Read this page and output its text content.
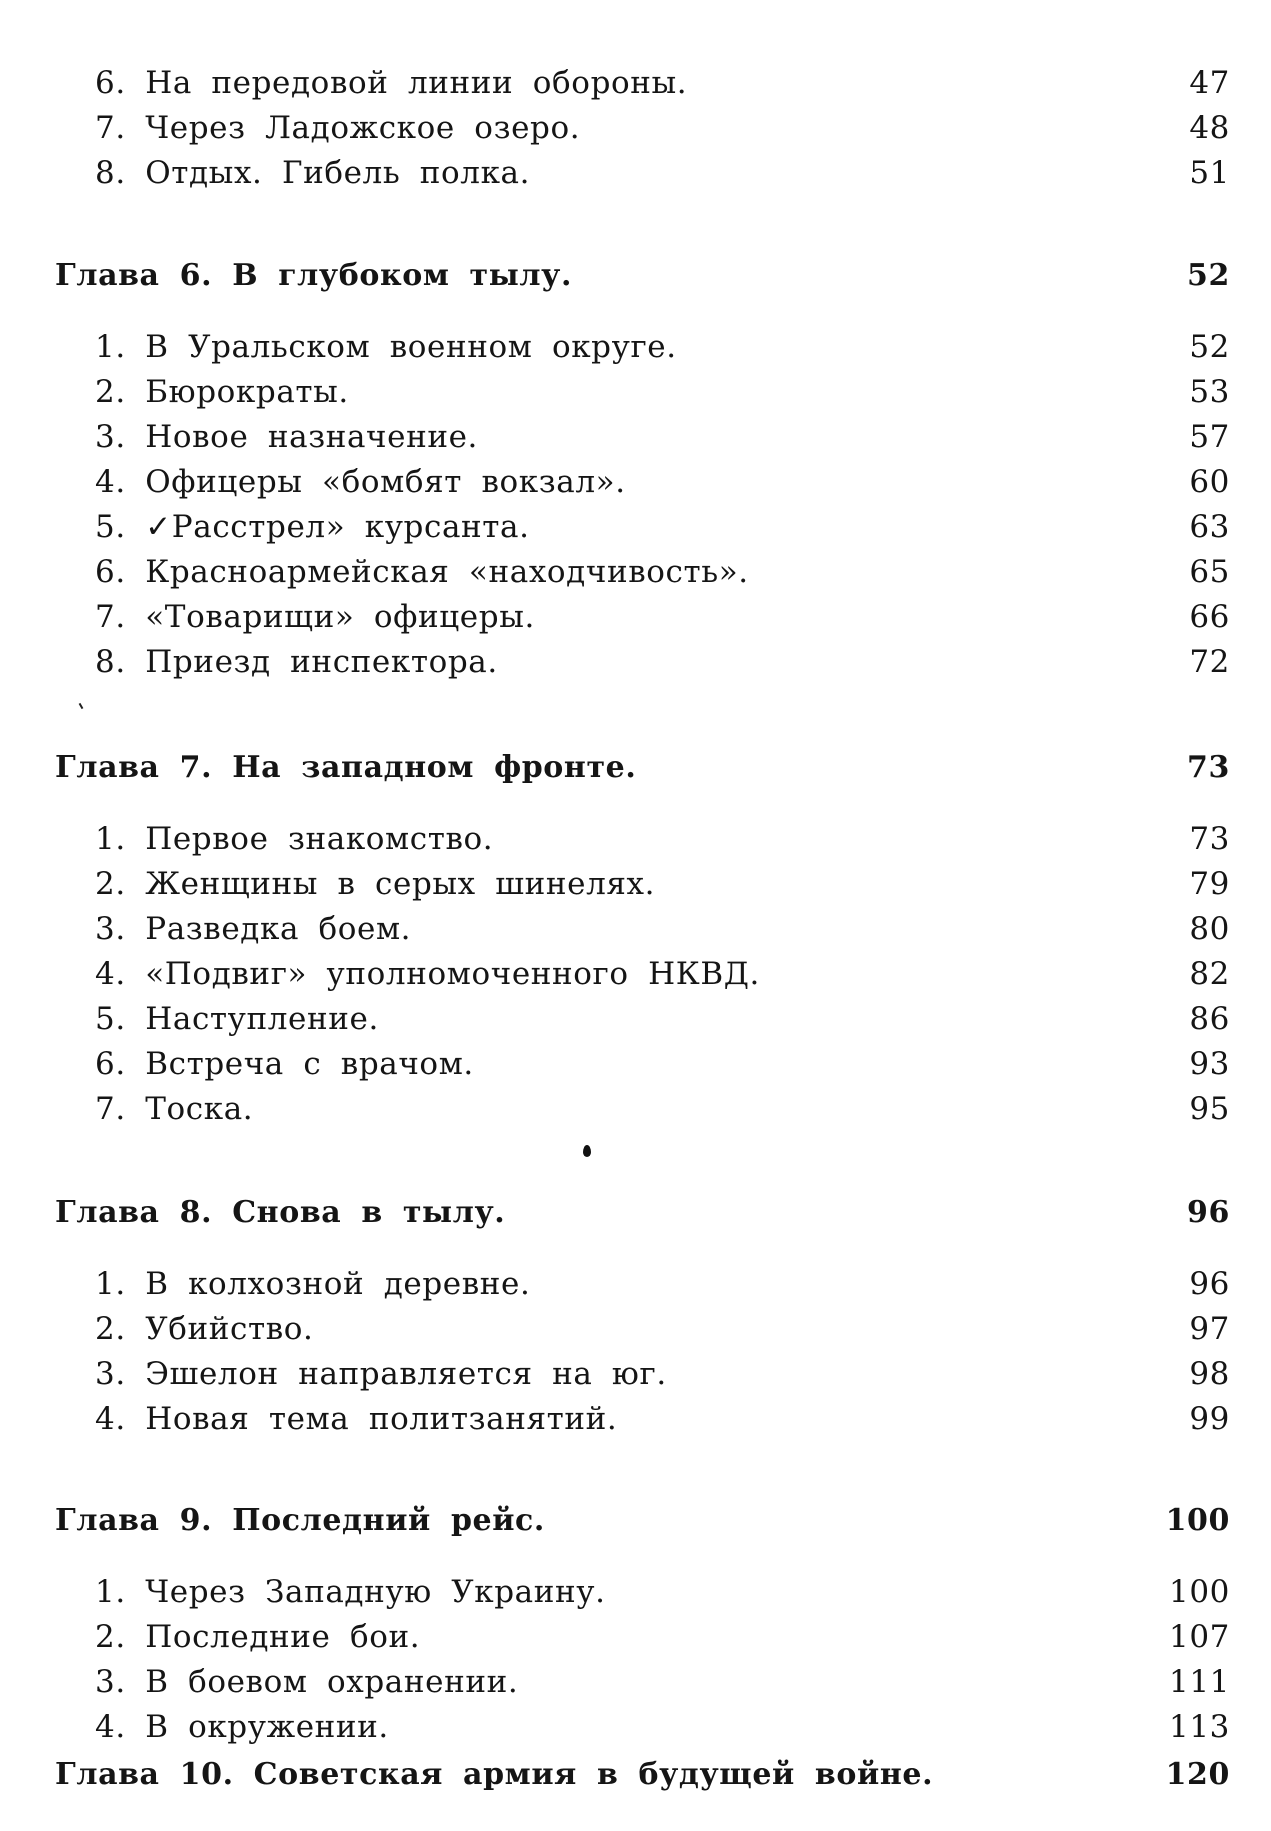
6. На передовой линии обороны.	47
7. Через Ладожское озеро.	48
8. Отдых. Гибель полка.	51
Глава 6. В глубоком тылу.	52
1. В Уральском военном округе.	52
2. Бюрократы.	53
3. Новое назначение.	57
4. Офицеры «бомбят вокзал».	60
5. ✓Расстрел» курсанта.	63
6. Красноармейская «находчивость».	65
7. «Товарищи» офицеры.	66
8. Приезд инспектора.	72
Глава 7. На западном фронте.	73
1. Первое знакомство.	73
2. Женщины в серых шинелях.	79
3. Разведка боем.	80
4. «Подвиг» уполномоченного НКВД.	82
5. Наступление.	86
6. Встреча с врачом.	93
7. Тоска.	95
Глава 8. Снова в тылу.	96
1. В колхозной деревне.	96
2. Убийство.	97
3. Эшелон направляется на юг.	98
4. Новая тема политзанятий.	99
Глава 9. Последний рейс.	100
1. Через Западную Украину.	100
2. Последние бои.	107
3. В боевом охранении.	111
4. В окружении.	113
Глава 10. Советская армия в будущей войне.	120
